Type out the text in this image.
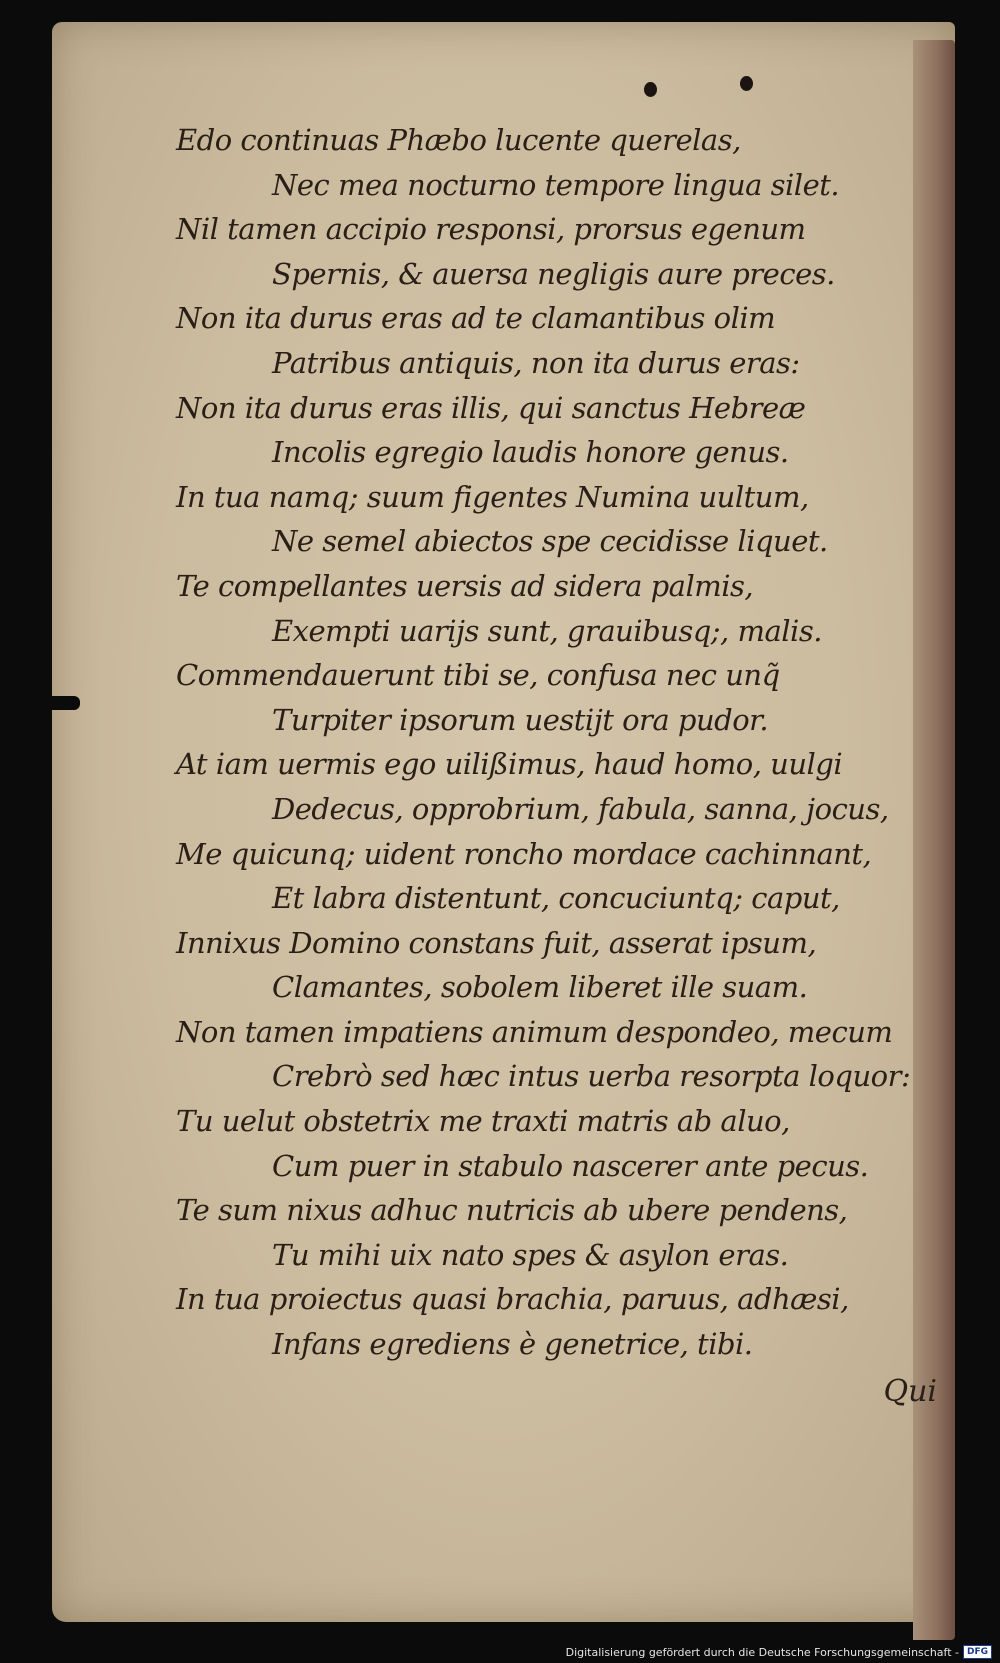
Qui
Edo continuas Phæbo lucente querelas,
Nec mea nocturno tempore lingua silet.
Nil tamen accipio responsi, prorsus egenum
Spernis, & auersa negligis aure preces.
Non ita durus eras ad te clamantibus olim
Patribus antiquis, non ita durus eras:
Non ita durus eras illis, qui sanctus Hebreæ
Incolis egregio laudis honore genus.
In tua namq; suum figentes Numina uultum,
Ne semel abiectos spe cecidisse liquet.
Te compellantes uersis ad sidera palmis,
Exempti uarijs sunt, grauibusq;, malis.
Commendauerunt tibi se, confusa nec unq̃
Turpiter ipsorum uestijt ora pudor.
At iam uermis ego uilißimus, haud homo, uulgi
Dedecus, opprobrium, fabula, sanna, jocus,
Me quicunq; uident roncho mordace cachinnant,
Et labra distentunt, concuciuntq; caput,
Innixus Domino constans fuit, asserat ipsum,
Clamantes, sobolem liberet ille suam.
Non tamen impatiens animum despondeo, mecum
Crebrò sed hæc intus uerba resorpta loquor:
Tu uelut obstetrix me traxti matris ab aluo,
Cum puer in stabulo nascerer ante pecus.
Te sum nixus adhuc nutricis ab ubere pendens,
Tu mihi uix nato spes & asylon eras.
In tua proiectus quasi brachia, paruus, adhæsi,
Infans egrediens è genetrice, tibi.
Digitalisierung gefördert durch die Deutsche Forschungsgemeinschaft - DFG
